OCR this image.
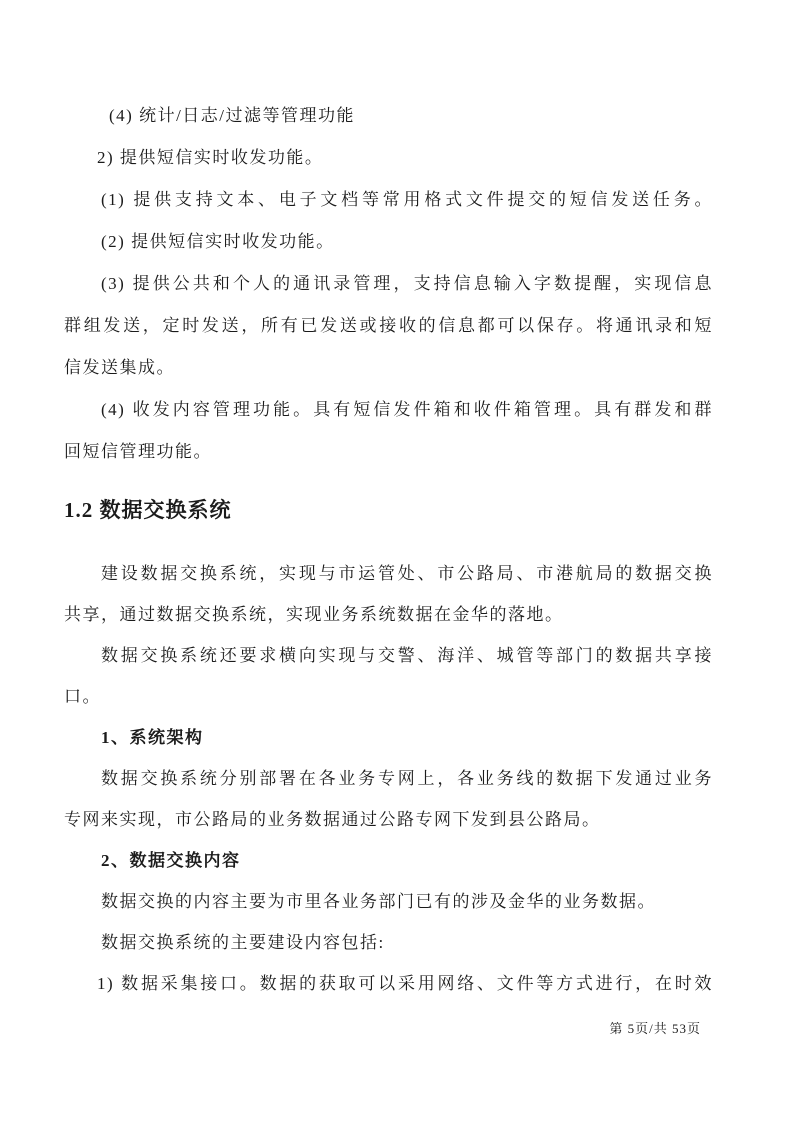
(4) 统计/日志/过滤等管理功能
2) 提供短信实时收发功能。
(1) 提供支持文本、电子文档等常用格式文件提交的短信发送任务。
(2) 提供短信实时收发功能。
(3) 提供公共和个人的通讯录管理，支持信息输入字数提醒，实现信息
群组发送，定时发送，所有已发送或接收的信息都可以保存。将通讯录和短
信发送集成。
(4) 收发内容管理功能。具有短信发件箱和收件箱管理。具有群发和群
回短信管理功能。
1.2 数据交换系统
建设数据交换系统，实现与市运管处、市公路局、市港航局的数据交换
共享，通过数据交换系统，实现业务系统数据在金华的落地。
数据交换系统还要求横向实现与交警、海洋、城管等部门的数据共享接
口。
1、系统架构
数据交换系统分别部署在各业务专网上，各业务线的数据下发通过业务
专网来实现，市公路局的业务数据通过公路专网下发到县公路局。
2、数据交换内容
数据交换的内容主要为市里各业务部门已有的涉及金华的业务数据。
数据交换系统的主要建设内容包括:
1) 数据采集接口。数据的获取可以采用网络、文件等方式进行，在时效
第 5页/共 53页
